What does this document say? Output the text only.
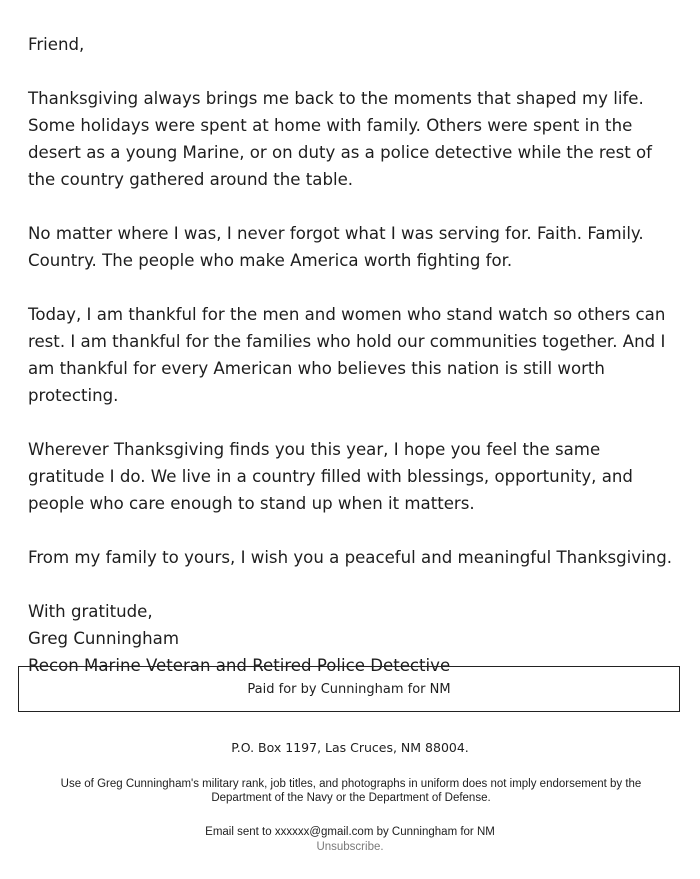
Friend,

Thanksgiving always brings me back to the moments that shaped my life. Some holidays were spent at home with family. Others were spent in the desert as a young Marine, or on duty as a police detective while the rest of the country gathered around the table.

No matter where I was, I never forgot what I was serving for. Faith. Family. Country. The people who make America worth fighting for.

Today, I am thankful for the men and women who stand watch so others can rest. I am thankful for the families who hold our communities together. And I am thankful for every American who believes this nation is still worth protecting.

Wherever Thanksgiving finds you this year, I hope you feel the same gratitude I do. We live in a country filled with blessings, opportunity, and people who care enough to stand up when it matters.

From my family to yours, I wish you a peaceful and meaningful Thanksgiving.

With gratitude,
Greg Cunningham
Recon Marine Veteran and Retired Police Detective
Paid for by Cunningham for NM
P.O. Box 1197, Las Cruces, NM 88004.
Use of Greg Cunningham's military rank, job titles, and photographs in uniform does not imply endorsement by the Department of the Navy or the Department of Defense.
Email sent to xxxxxx@gmail.com by Cunningham for NM
Unsubscribe.
